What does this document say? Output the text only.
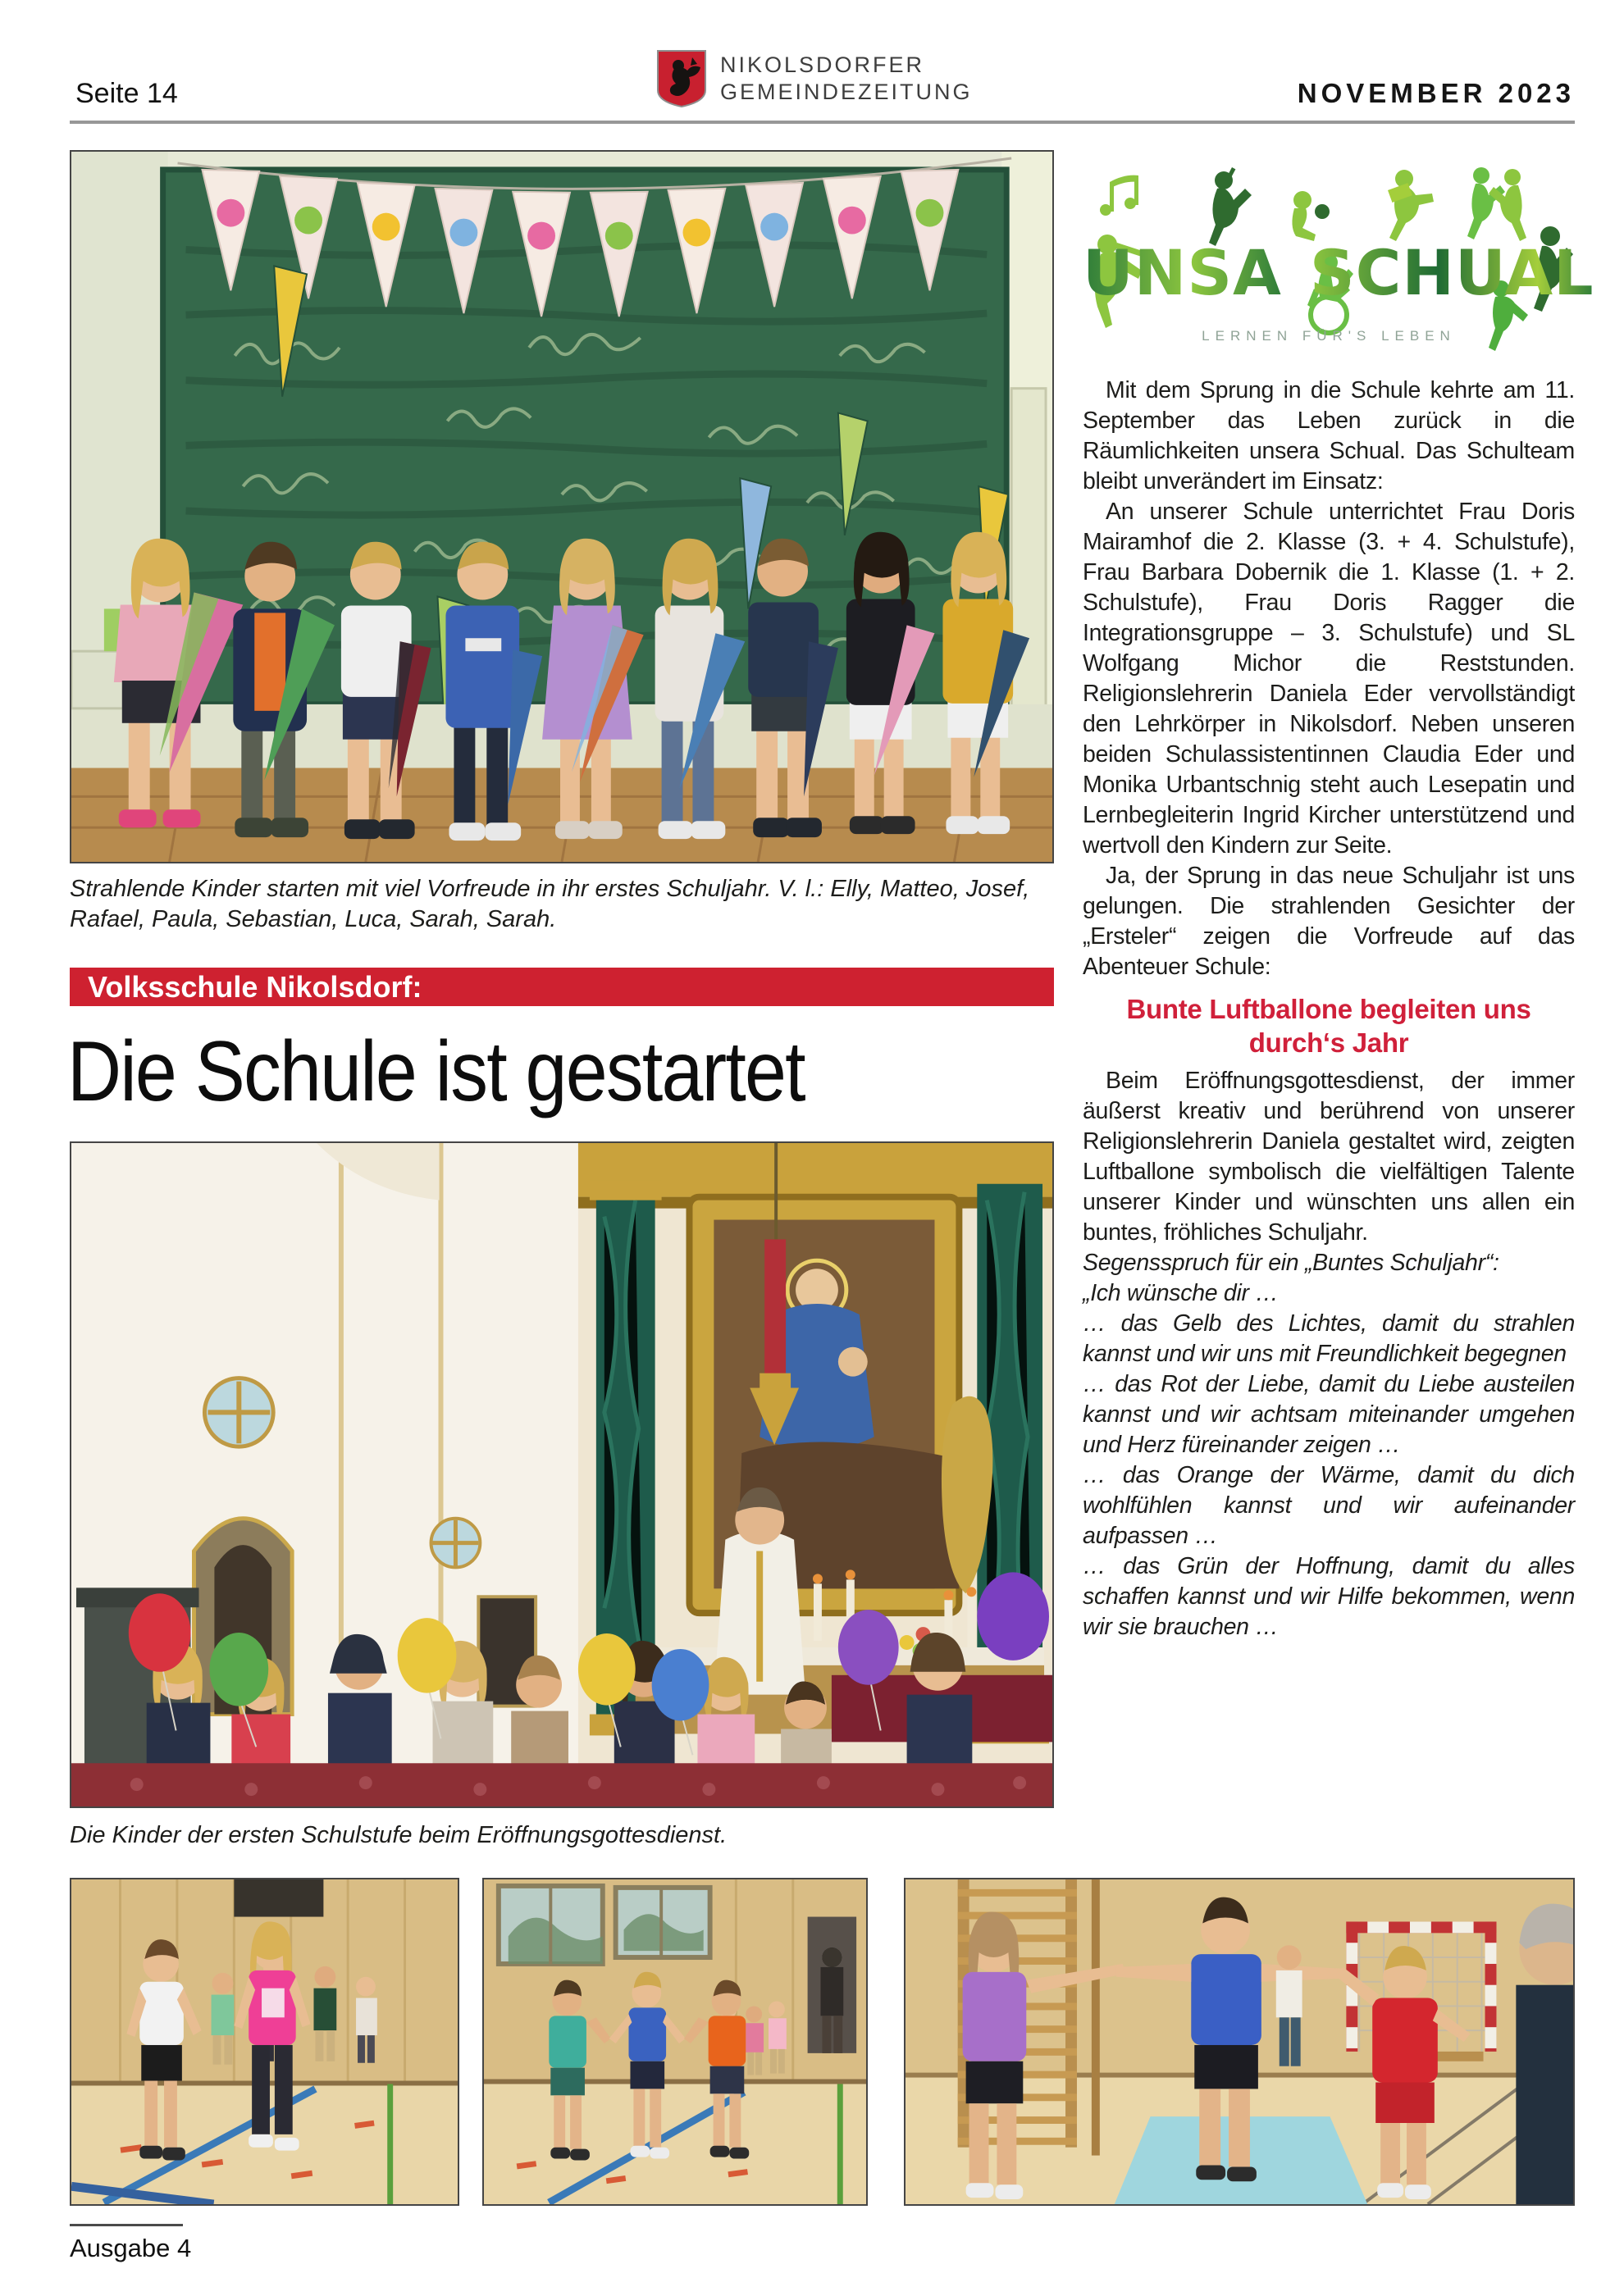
Seite 14
NIKOLSDORFER
GEMEINDEZEITUNG	NOVEMBER 2023
Strahlende Kinder starten mit viel Vorfreude in ihr erstes Schuljahr. V. l.: Elly, Matteo, Josef, Rafael, Paula, Sebastian, Luca, Sarah, Sarah.
Volksschule Nikolsdorf:
Die Schule ist gestartet
Die Kinder der ersten Schulstufe beim Eröffnungsgottesdienst.
UNSA SCHUAL
LERNEN FÜR'S LEBEN

Mit dem Sprung in die Schule kehrte am 11. September das Leben zurück in die Räumlichkeiten unsera Schual. Das Schulteam bleibt unverändert im Einsatz:

An unserer Schule unterrichtet Frau Doris Mairamhof die 2. Klasse (3. + 4. Schulstufe), Frau Barbara Dobernik die 1. Klasse (1. + 2. Schulstufe), Frau Doris Ragger die Integrationsgruppe – 3. Schulstufe) und SL Wolfgang Michor die Reststunden. Religionslehrerin Daniela Eder vervollständigt den Lehrkörper in Nikolsdorf. Neben unseren beiden Schulassistentinnen Claudia Eder und Monika Urbantschnig steht auch Lesepatin und Lernbegleiterin Ingrid Kircher unterstützend und wertvoll den Kindern zur Seite.

Ja, der Sprung in das neue Schuljahr ist uns gelungen. Die strahlenden Gesichter der „Ersteler“ zeigen die Vorfreude auf das Abenteuer Schule:

Bunte Luftballone begleiten uns durch‘s Jahr

Beim Eröffnungsgottesdienst, der immer äußerst kreativ und berührend von unserer Religionslehrerin Daniela gestaltet wird, zeigten Luftballone symbolisch die vielfältigen Talente unserer Kinder und wünschten uns allen ein buntes, fröhliches Schuljahr.

Segensspruch für ein „Buntes Schuljahr“:

„Ich wünsche dir …

… das Gelb des Lichtes, damit du strahlen kannst und wir uns mit Freundlichkeit begegnen

… das Rot der Liebe, damit du Liebe austeilen kannst und wir achtsam miteinander umgehen und Herz füreinander zeigen …

… das Orange der Wärme, damit du dich wohlfühlen kannst und wir aufeinander aufpassen …

… das Grün der Hoffnung, damit du alles schaffen kannst und wir Hilfe bekommen, wenn wir sie brauchen …

Ausgabe 4
